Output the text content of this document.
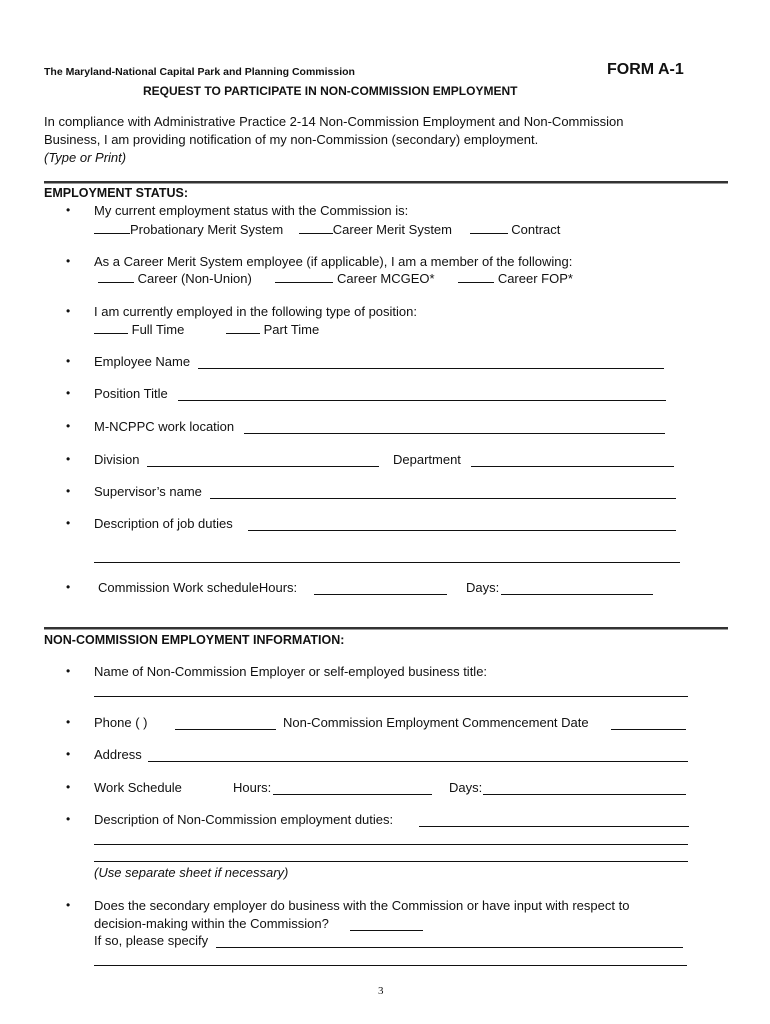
The Maryland-National Capital Park and Planning Commission	FORM A-1
REQUEST TO PARTICIPATE IN NON-COMMISSION EMPLOYMENT
In compliance with Administrative Practice 2-14 Non-Commission Employment and Non-Commission
Business, I am providing notification of my non-Commission (secondary) employment.
(Type or Print)
EMPLOYMENT STATUS:
• My current employment status with the Commission is:
Probationary Merit System	Career Merit System	Contract
• As a Career Merit System employee (if applicable), I am a member of the following:
Career (Non-Union)	Career MCGEO*	Career FOP*
• I am currently employed in the following type of position:
Full Time	Part Time
• Employee Name
• Position Title
• M-NCPPC work location
• Division	Department
• Supervisor’s name
• Description of job duties
• Commission Work scheduleHours:	Days:
NON-COMMISSION EMPLOYMENT INFORMATION:
• Name of Non-Commission Employer or self-employed business title:
• Phone ( )	Non-Commission Employment Commencement Date
• Address
• Work Schedule	Hours:	Days:
• Description of Non-Commission employment duties:
(Use separate sheet if necessary)
• Does the secondary employer do business with the Commission or have input with respect to
decision-making within the Commission?
If so, please specify
3
